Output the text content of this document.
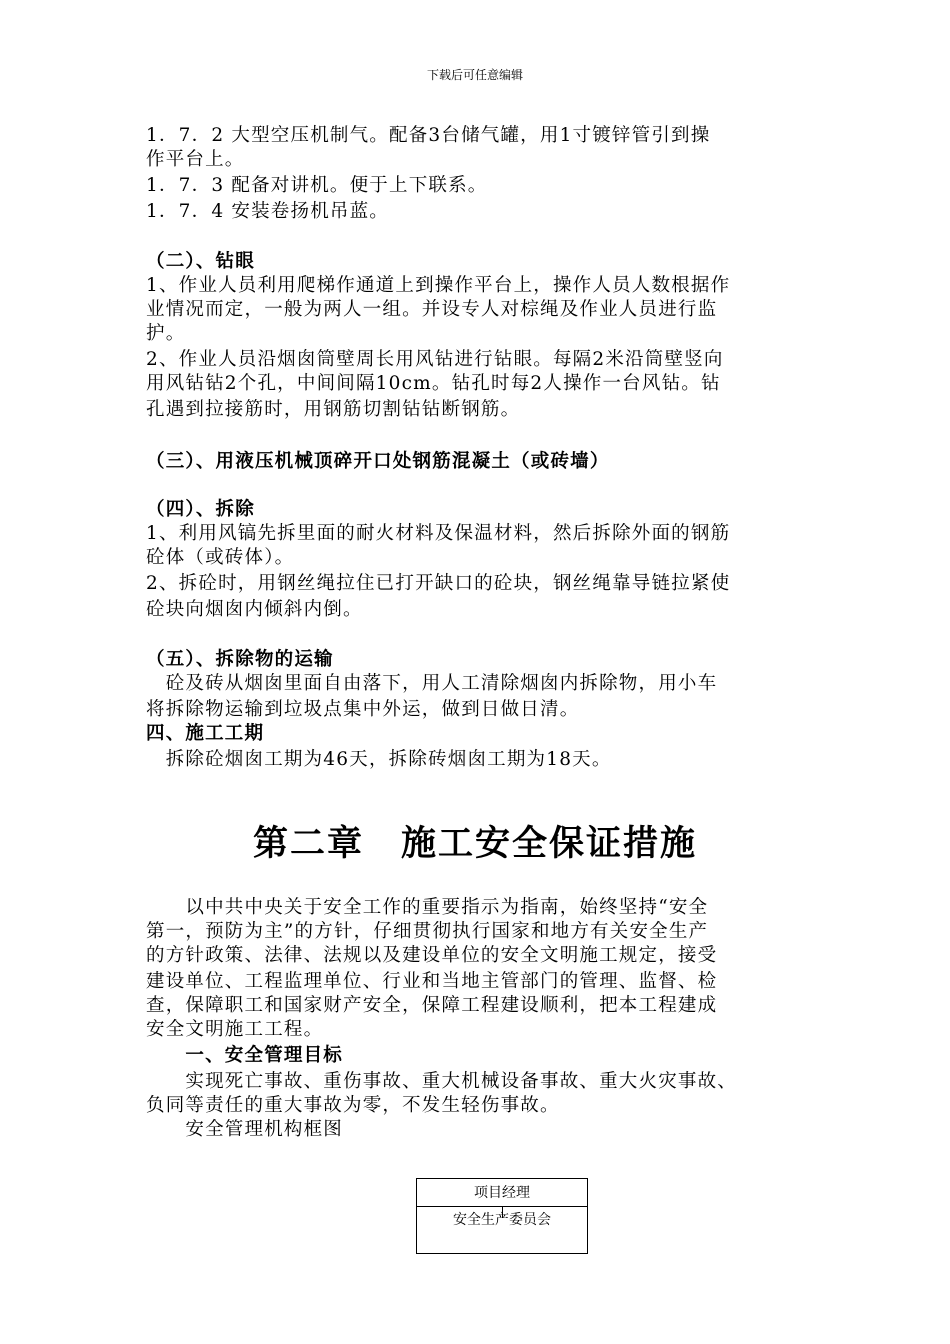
下载后可任意编辑
1．7．2 大型空压机制气。配备3台储气罐，用1寸镀锌管引到操
作平台上。
1．7．3 配备对讲机。便于上下联系。
1．7．4 安装卷扬机吊蓝。
（二）、钻眼
1、作业人员利用爬梯作通道上到操作平台上，操作人员人数根据作
业情况而定，一般为两人一组。并设专人对棕绳及作业人员进行监
护。
2、作业人员沿烟囱筒壁周长用风钻进行钻眼。每隔2米沿筒壁竖向
用风钻钻2个孔，中间间隔10cm。钻孔时每2人操作一台风钻。钻
孔遇到拉接筋时，用钢筋切割钻钻断钢筋。
（三）、用液压机械顶碎开口处钢筋混凝土（或砖墙）
（四）、拆除
1、利用风镐先拆里面的耐火材料及保温材料，然后拆除外面的钢筋
砼体（或砖体）。
2、拆砼时，用钢丝绳拉住已打开缺口的砼块，钢丝绳靠导链拉紧使
砼块向烟囱内倾斜内倒。
（五）、拆除物的运输
　砼及砖从烟囱里面自由落下，用人工清除烟囱内拆除物，用小车
将拆除物运输到垃圾点集中外运，做到日做日清。
四、施工工期
　拆除砼烟囱工期为46天，拆除砖烟囱工期为18天。
第二章　施工安全保证措施
　　以中共中央关于安全工作的重要指示为指南，始终坚持“安全
第一，预防为主”的方针，仔细贯彻执行国家和地方有关安全生产
的方针政策、法律、法规以及建设单位的安全文明施工规定，接受
建设单位、工程监理单位、行业和当地主管部门的管理、监督、检
查，保障职工和国家财产安全，保障工程建设顺利，把本工程建成
安全文明施工工程。
　　一、安全管理目标
　　实现死亡事故、重伤事故、重大机械设备事故、重大火灾事故、
负同等责任的重大事故为零，不发生轻伤事故。
　　安全管理机构框图
项目经理
安全生产委员会
